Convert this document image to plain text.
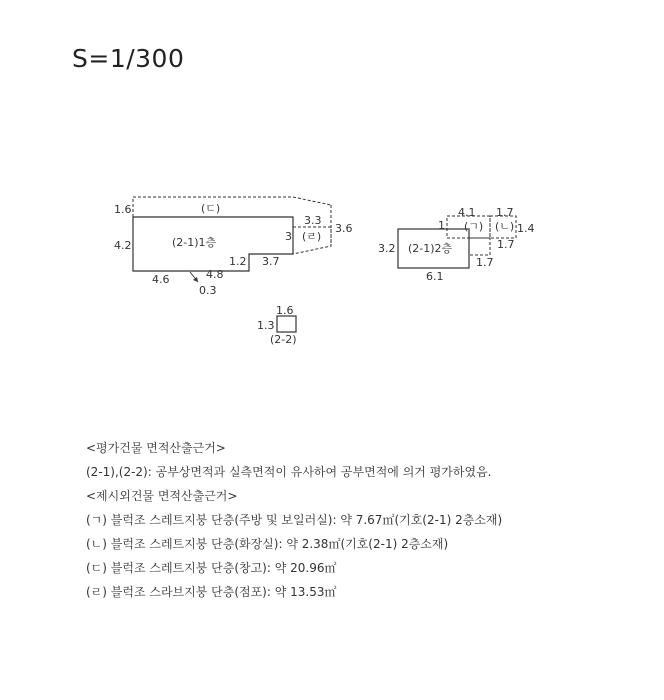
S=1/300
(2-1)1층
(ㄷ)
(ㄹ)
1.6
4.2
4.6
0.3
4.8
1.2 3.7
3
3.3
3.6
(2-1)2층
(ㄱ) (ㄴ)
4.1 1.7
1	1.4
1.7
1.7
3.2
6.1
1.6
1.3
(2-2)
<평가건물 면적산출근거>
(2-1),(2-2): 공부상면적과 실측면적이 유사하여 공부면적에 의거 평가하였음.
<제시외건물 면적산출근거>
(ㄱ) 블럭조 스레트지붕 단층(주방 및 보일러실): 약 7.67㎡(기호(2-1) 2층소재)
(ㄴ) 블럭조 스레트지붕 단층(화장실): 약 2.38㎡(기호(2-1) 2층소재)
(ㄷ) 블럭조 스레트지붕 단층(창고): 약 20.96㎡
(ㄹ) 블럭조 스라브지붕 단층(점포): 약 13.53㎡
